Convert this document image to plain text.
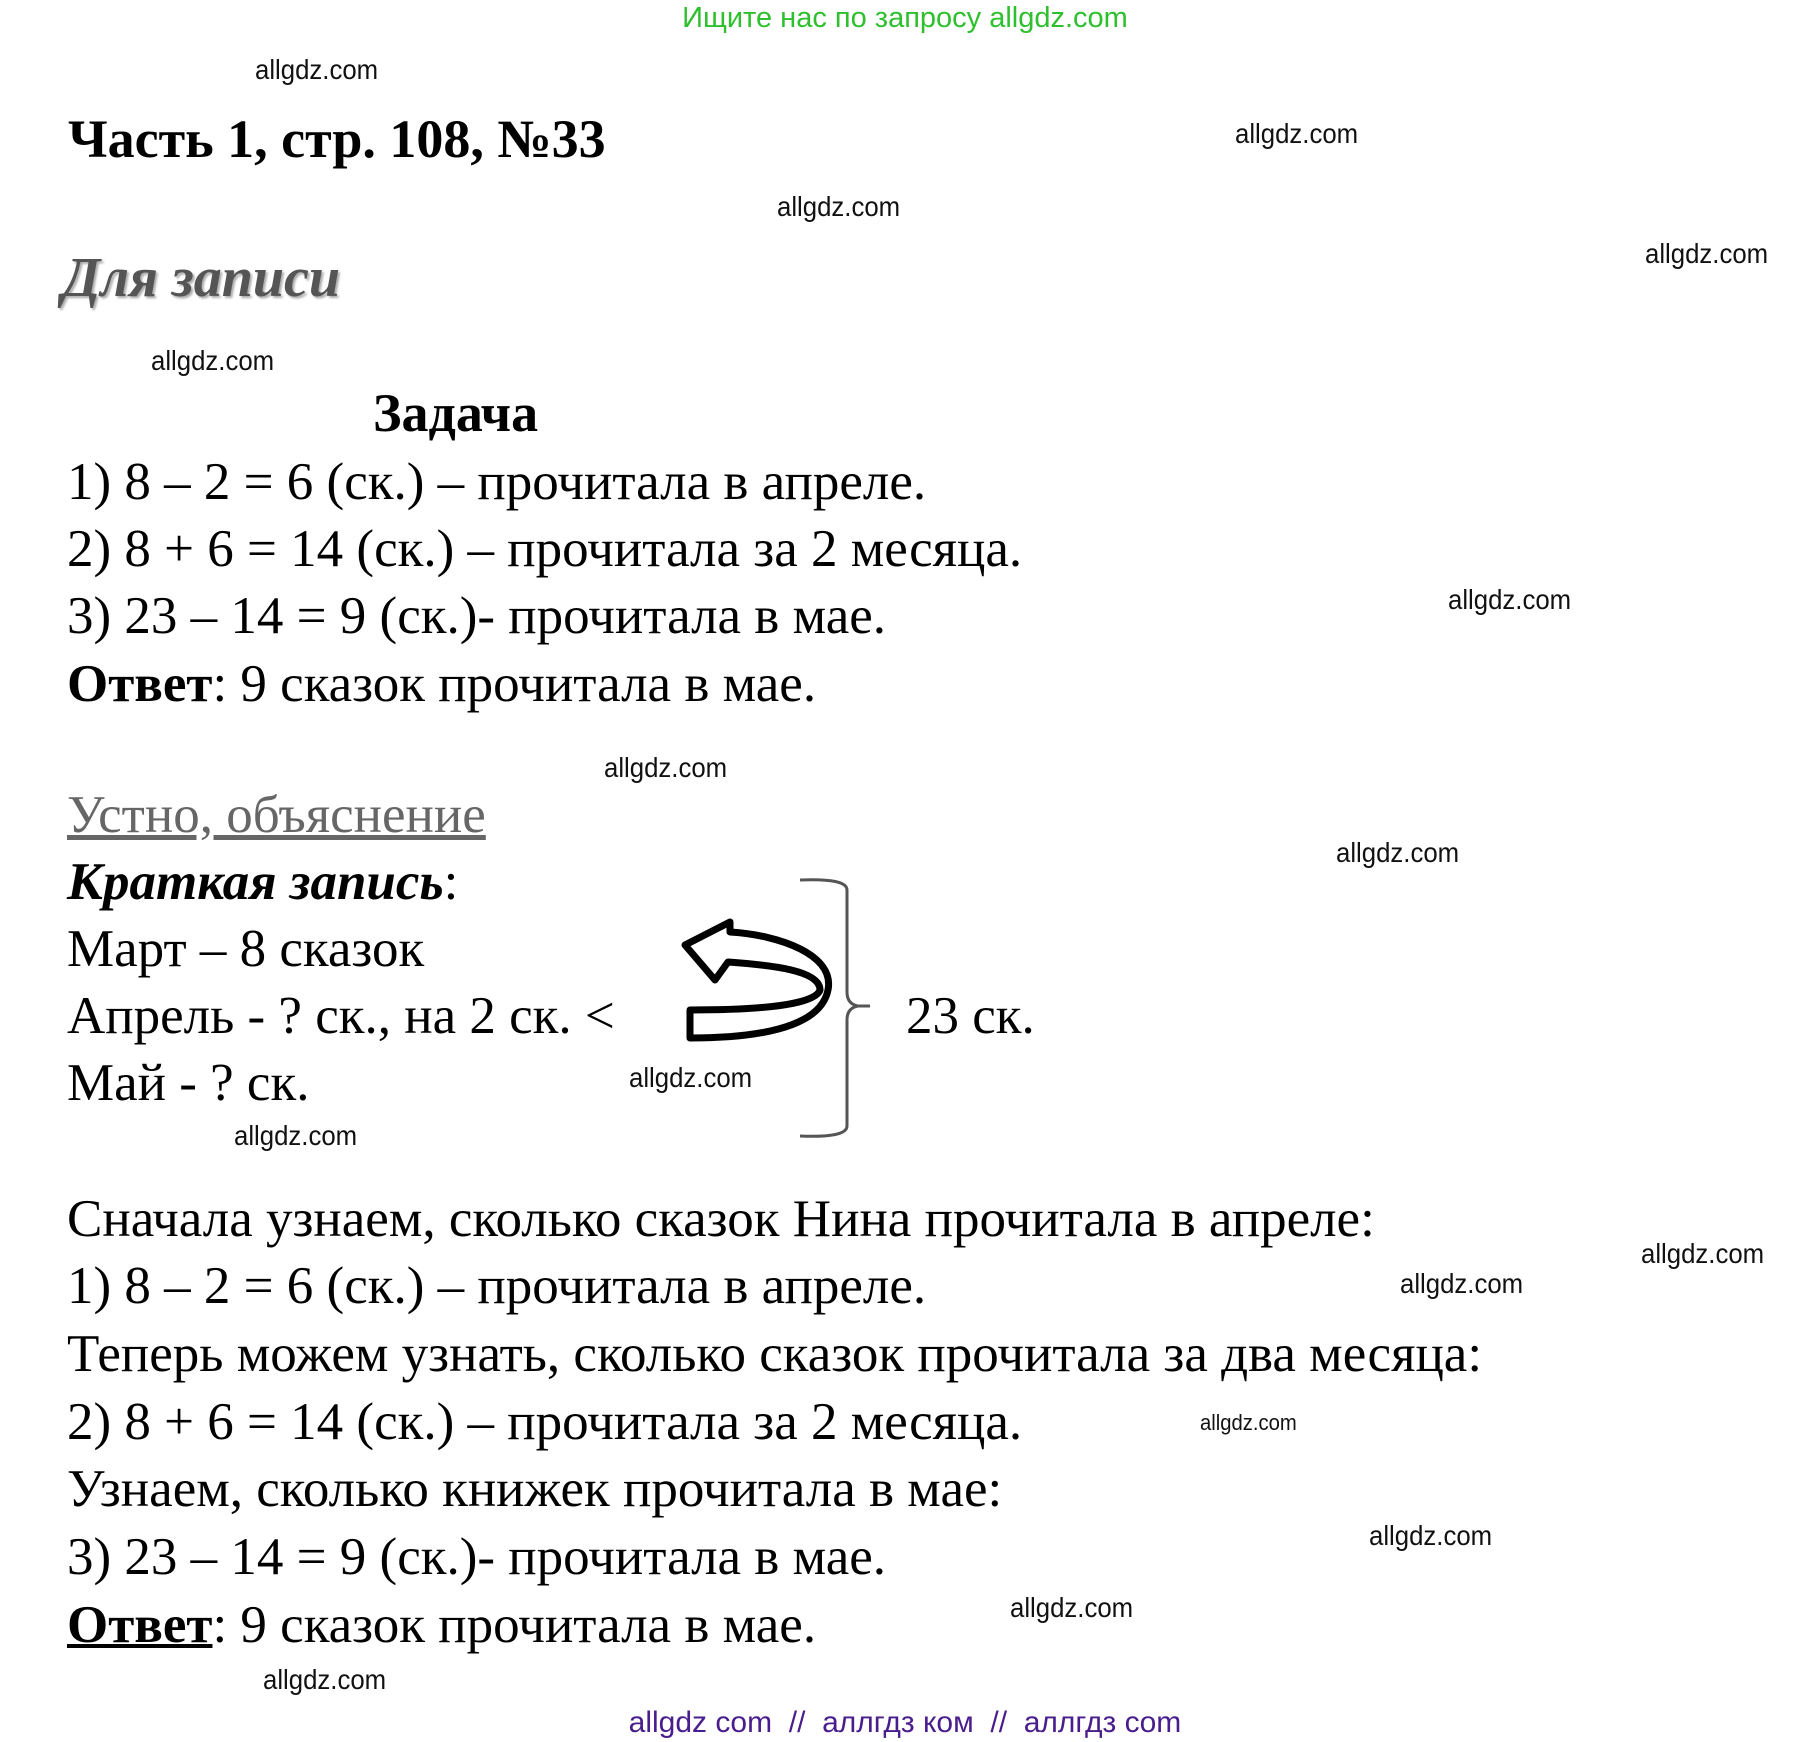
Ищите нас по запросу allgdz.com
allgdz.com
allgdz.com
allgdz.com
allgdz.com
allgdz.com
allgdz.com
allgdz.com
allgdz.com
allgdz.com
allgdz.com
allgdz.com
allgdz.com
allgdz.com
allgdz.com
allgdz.com
allgdz.com
Часть 1, стр. 108, №33
Для записи
Задача
1) 8 – 2 = 6 (ск.) – прочитала в апреле.
2) 8 + 6 = 14 (ск.) – прочитала за 2 месяца.
3) 23 – 14 = 9 (ск.)- прочитала в мае.
Ответ: 9 сказок прочитала в мае.
Устно, объяснение
Краткая запись:
Март – 8 сказок
Апрель - ? ск., на 2 ск. <
Май - ? ск.
23 ск.
Сначала узнаем, сколько сказок Нина прочитала в апреле:
1) 8 – 2 = 6 (ск.) – прочитала в апреле.
Теперь можем узнать, сколько сказок прочитала за два месяца:
2) 8 + 6 = 14 (ск.) – прочитала за 2 месяца.
Узнаем, сколько книжек прочитала в мае:
3) 23 – 14 = 9 (ск.)- прочитала в мае.
Ответ: 9 сказок прочитала в мае.
allgdz com  //  аллгдз ком  //  аллгдз com
